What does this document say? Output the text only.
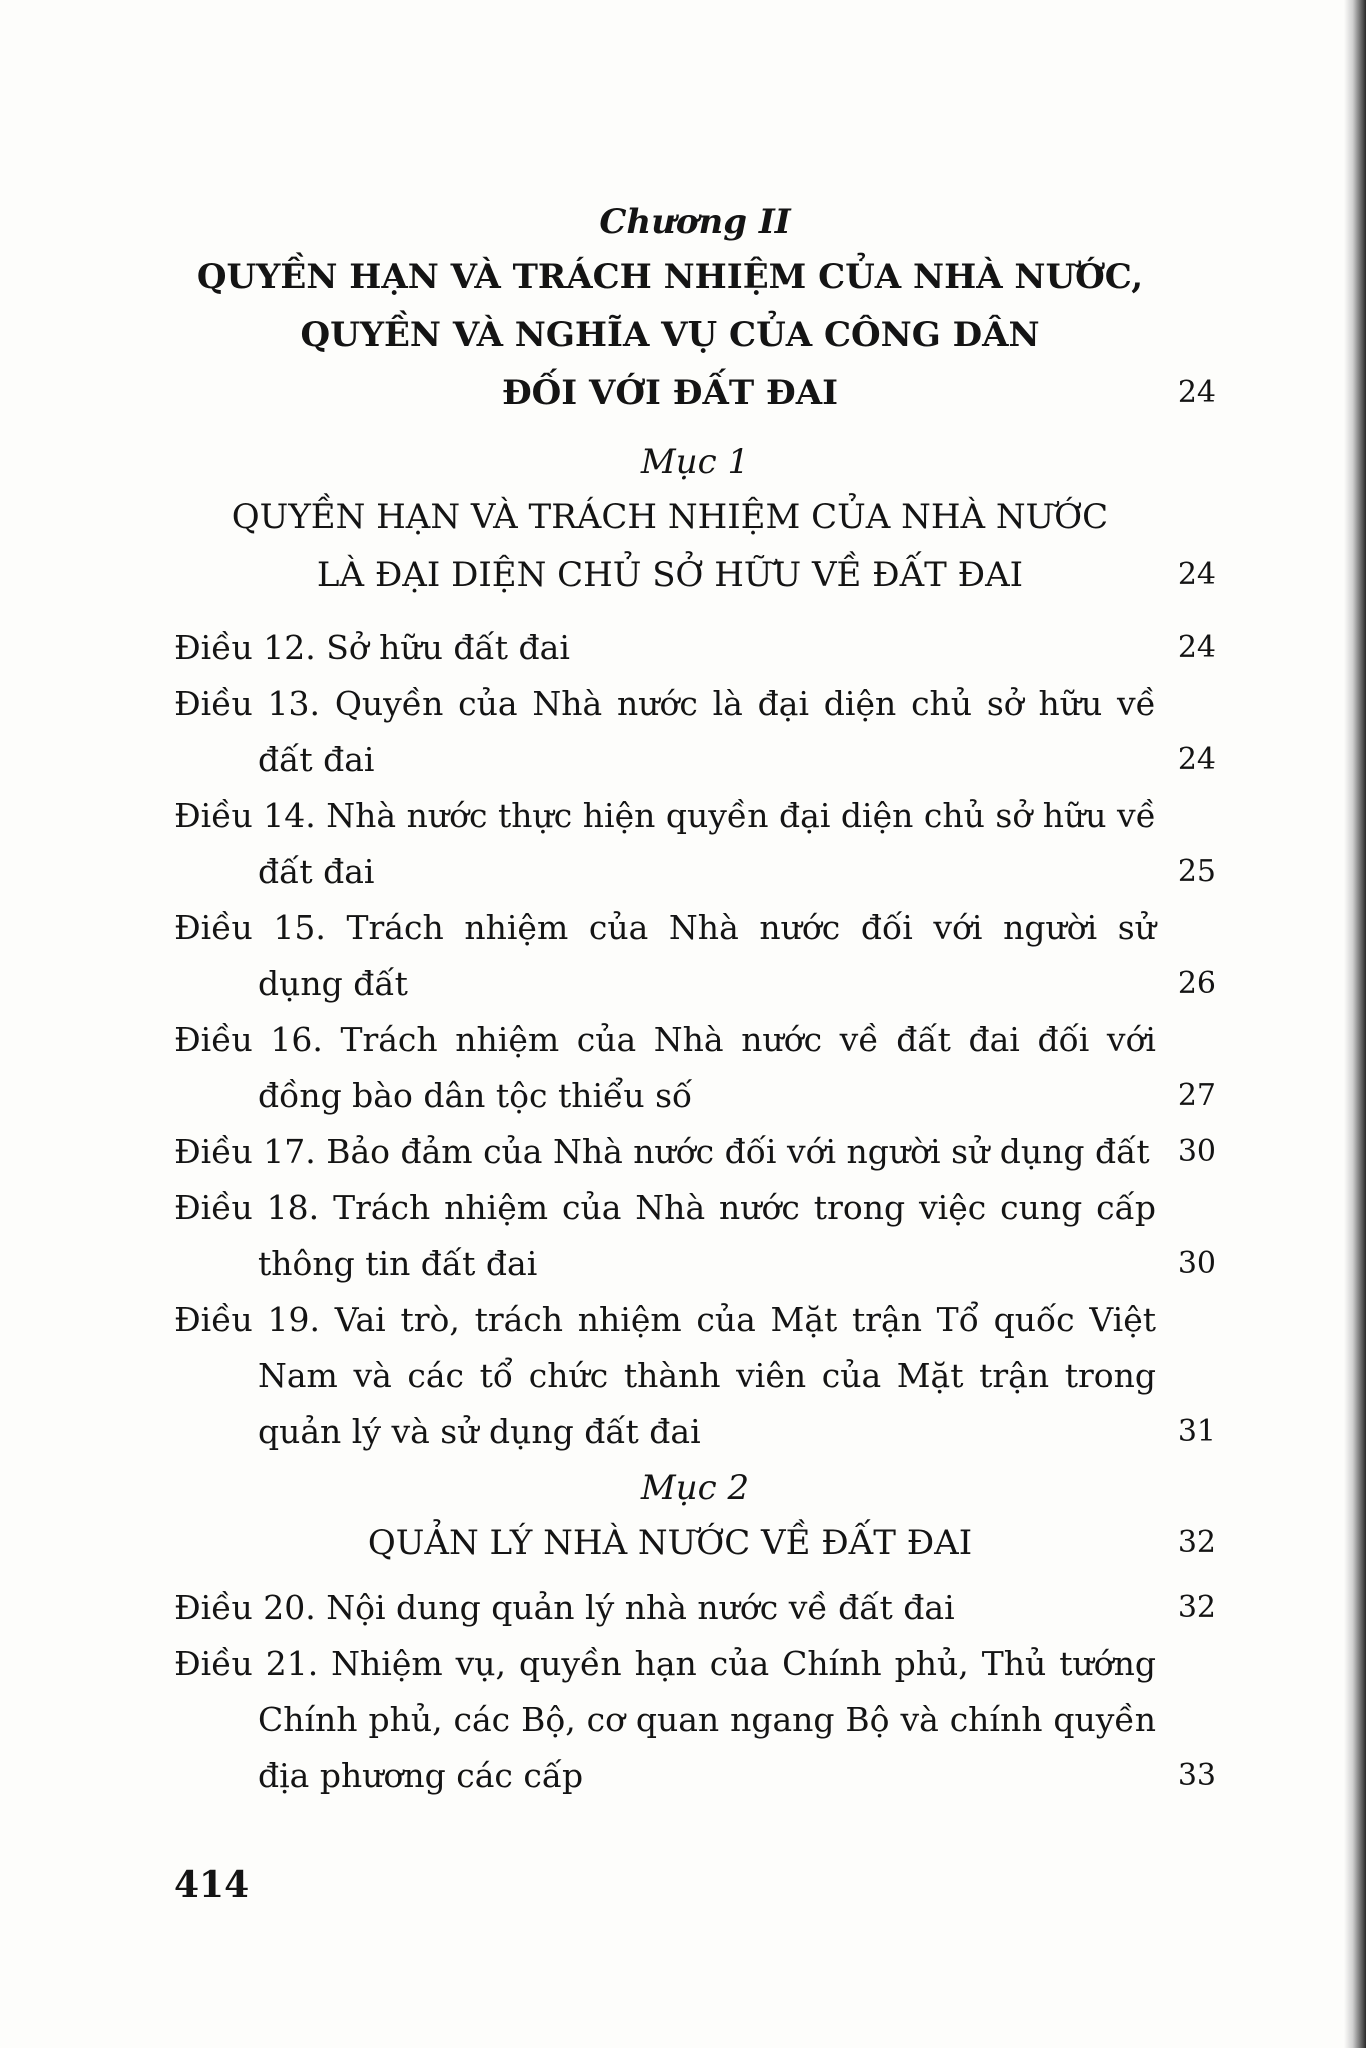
Chương II
QUYỀN HẠN VÀ TRÁCH NHIỆM CỦA NHÀ NƯỚC,
QUYỀN VÀ NGHĨA VỤ CỦA CÔNG DÂN
ĐỐI VỚI ĐẤT ĐAI	24
Mục 1
QUYỀN HẠN VÀ TRÁCH NHIỆM CỦA NHÀ NƯỚC
LÀ ĐẠI DIỆN CHỦ SỞ HỮU VỀ ĐẤT ĐAI	24
Điều 12. Sở hữu đất đai	24
Điều 13. Quyền của Nhà nước là đại diện chủ sở hữu về
đất đai	24
Điều 14. Nhà nước thực hiện quyền đại diện chủ sở hữu về
đất đai	25
Điều 15. Trách nhiệm của Nhà nước đối với người sử
dụng đất	26
Điều 16. Trách nhiệm của Nhà nước về đất đai đối với
đồng bào dân tộc thiểu số	27
Điều 17. Bảo đảm của Nhà nước đối với người sử dụng đất 30
Điều 18. Trách nhiệm của Nhà nước trong việc cung cấp
thông tin đất đai	30
Điều 19. Vai trò, trách nhiệm của Mặt trận Tổ quốc Việt
Nam và các tổ chức thành viên của Mặt trận trong
quản lý và sử dụng đất đai	31
Mục 2
QUẢN LÝ NHÀ NƯỚC VỀ ĐẤT ĐAI	32
Điều 20. Nội dung quản lý nhà nước về đất đai	32
Điều 21. Nhiệm vụ, quyền hạn của Chính phủ, Thủ tướng
Chính phủ, các Bộ, cơ quan ngang Bộ và chính quyền
địa phương các cấp	33
414
